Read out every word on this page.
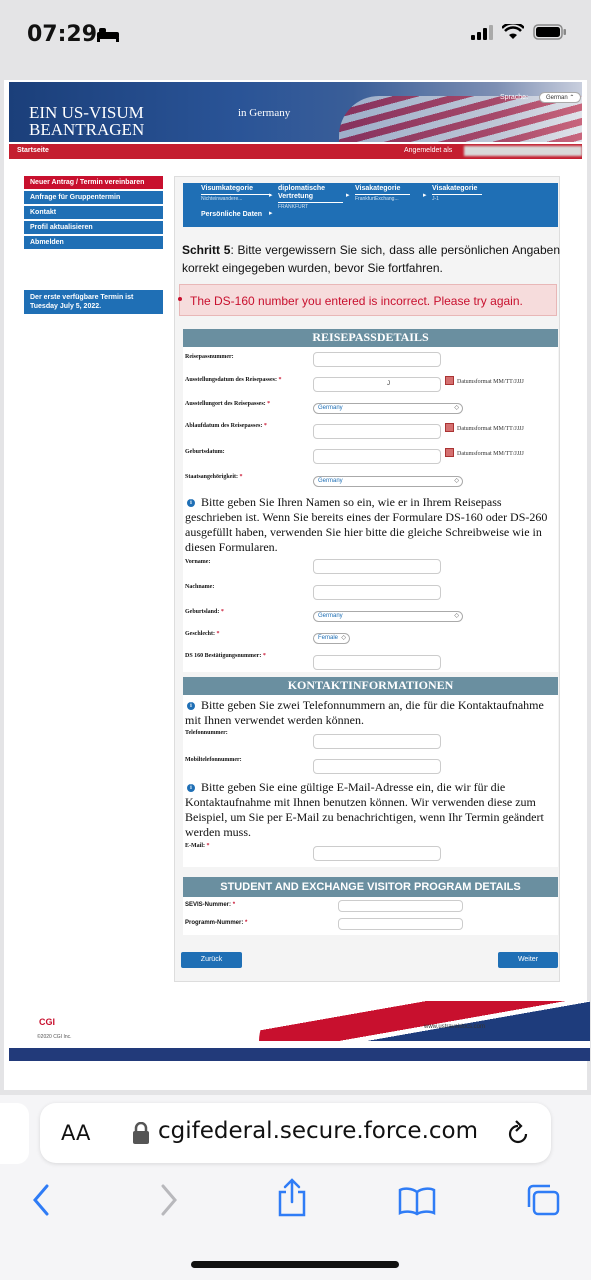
07:29
EIN US-VISUM
BEANTRAGEN
in Germany
Sprache:	German ⌃
Startseite	Angemeldet als
Neuer Antrag / Termin vereinbaren
Anfrage für Gruppentermin
Kontakt
Profil aktualisieren
Abmelden
Der erste verfügbare Termin ist Tuesday July 5, 2022.
Visumkategorie
Nichteinwandere...	▸
diplomatische Vertretung
FRANKFURT
▸
Visakategorie
FrankfurtExchang...	▸
Visakategorie
J-1
▸
Persönliche Daten
Schritt 5: Bitte vergewissern Sie sich, dass alle persönlichen Angaben korrekt eingegeben wurden, bevor Sie fortfahren.
The DS-160 number you entered is incorrect. Please try again.
REISEPASSDETAILS
Reisepassnummer:
Ausstellungsdatum des Reisepasses: *
J	Datumsformat MM/TT/JJJJ
Ausstellungort des Reisepasses: *
Germany	◇
Ablaufdatum des Reisepasses: *	Datumsformat MM/TT/JJJJ
Geburtsdatum:	Datumsformat MM/TT/JJJJ
Staatsangehörigkeit: *
Germany	◇
i Bitte geben Sie Ihren Namen so ein, wie er in Ihrem Reisepass geschrieben ist. Wenn Sie bereits eines der Formulare DS-160 oder DS-260 ausgefüllt haben, verwenden Sie hier bitte die gleiche Schreibweise wie in diesen Formularen.
Vorname:
Nachname:
Geburtsland: *
Germany	◇
Geschlecht: *
Female ◇
DS 160 Bestätigungsnummer: *
KONTAKTINFORMATIONEN
i Bitte geben Sie zwei Telefonnummern an, die für die Kontaktaufnahme mit Ihnen verwendet werden können.
Telefonnummer:
Mobiltelefonnummer:
i Bitte geben Sie eine gültige E-Mail-Adresse ein, die wir für die Kontaktaufnahme mit Ihnen benutzen können. Wir verwenden diese zum Beispiel, um Sie per E-Mail zu benachrichtigen, wenn Ihr Termin geändert werden muss.
E-Mail: *
STUDENT AND EXCHANGE VISITOR PROGRAM DETAILS
SEVIS-Nummer: *
Programm-Nummer: *
Zurück	Weiter
CGI
©2020 CGI Inc.
www.ustraveldocs.com
AA	cgifederal.secure.force.com
